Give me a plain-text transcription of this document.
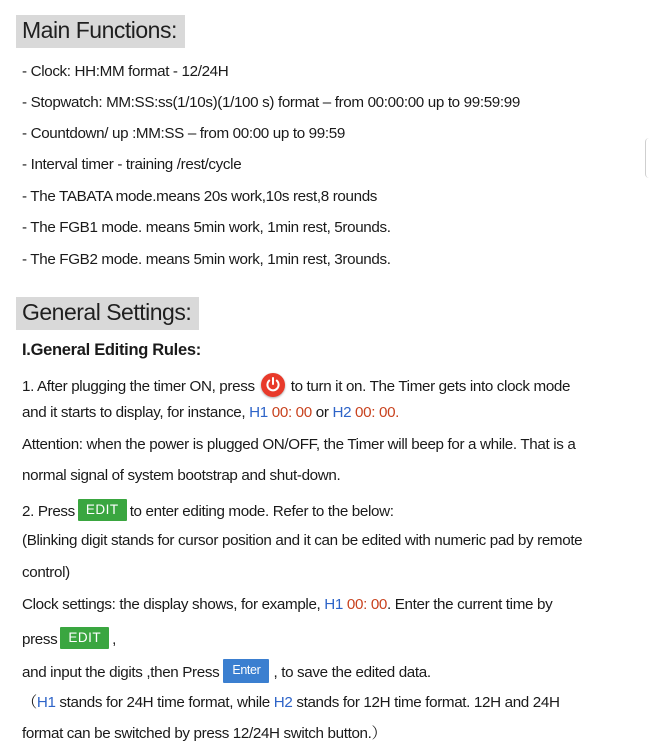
Main Functions:
- Clock: HH:MM format - 12/24H
- Stopwatch: MM:SS:ss(1/10s)(1/100 s) format – from 00:00:00 up to 99:59:99
- Countdown/ up :MM:SS – from 00:00 up to 99:59
- Interval timer - training /rest/cycle
- The TABATA mode.means 20s work,10s rest,8 rounds
- The FGB1 mode. means 5min work, 1min rest, 5rounds.
- The FGB2 mode. means 5min work, 1min rest, 3rounds.
General Settings:
I.General Editing Rules:
1. After plugging the timer ON, press to turn it on. The Timer gets into clock mode
and it starts to display, for instance, H1 00: 00 or H2 00: 00.
Attention: when the power is plugged ON/OFF, the Timer will beep for a while. That is a
normal signal of system bootstrap and shut-down.
2. Press EDIT to enter editing mode. Refer to the below:
(Blinking digit stands for cursor position and it can be edited with numeric pad by remote
control)
Clock settings: the display shows, for example, H1 00: 00. Enter the current time by
press EDIT ,
and input the digits ,then Press Enter , to save the edited data.
（H1 stands for 24H time format, while H2 stands for 12H time format. 12H and 24H
format can be switched by press 12/24H switch button.）
